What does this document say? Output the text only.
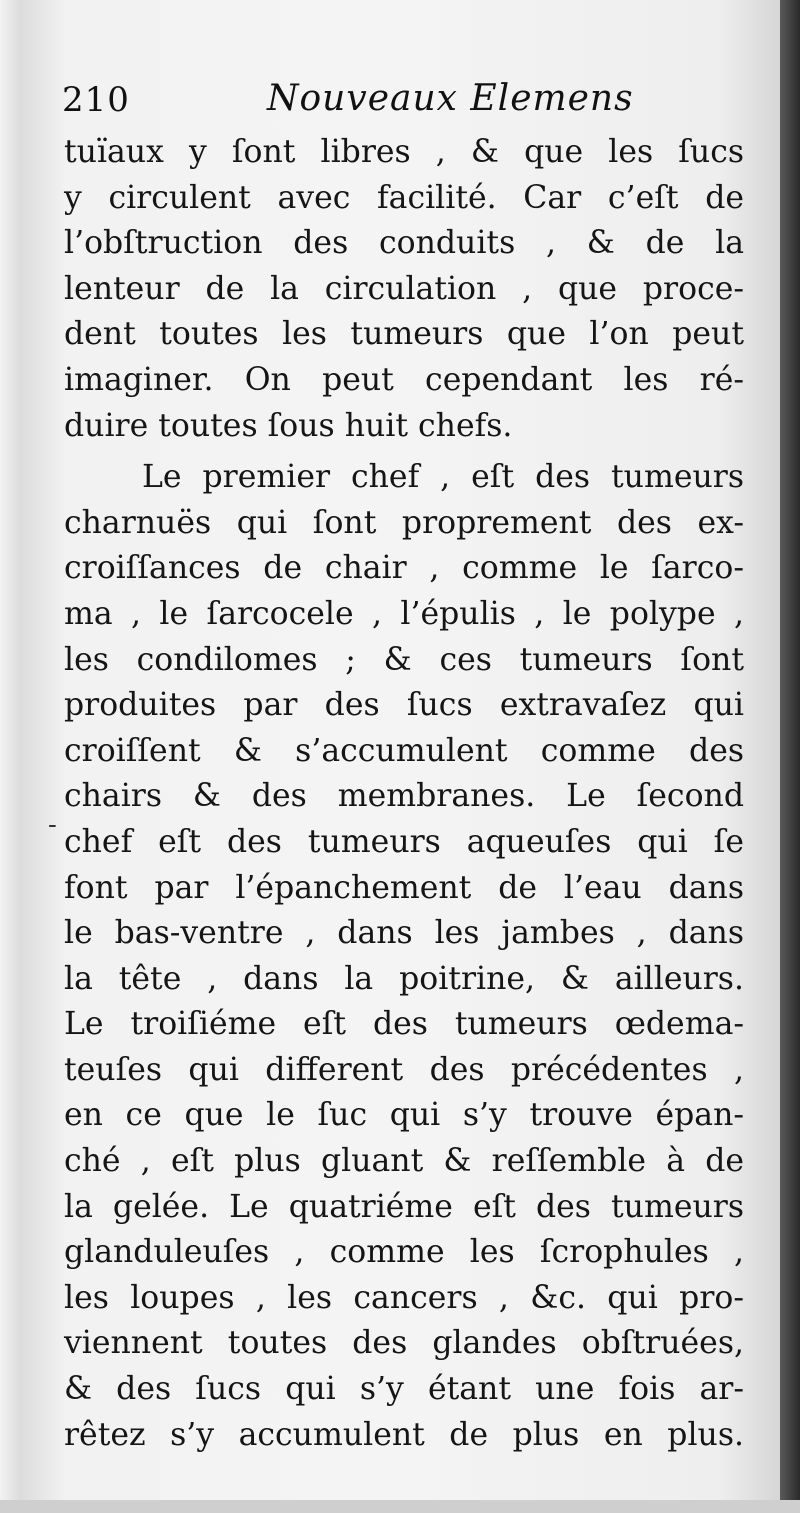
210	Nouveaux Elemens
-
tuïaux y ſont libres , & que les ſucs
y circulent avec facilité. Car c’eſt de
l’obſtruction des conduits , & de la
lenteur de la circulation , que proce-
dent toutes les tumeurs que l’on peut
imaginer. On peut cependant les ré-
duire toutes ſous huit chefs.
Le premier chef , eſt des tumeurs
charnuës qui ſont proprement des ex-
croiſſances de chair , comme le ſarco-
ma , le ſarcocele , l’épulis , le polype ,
les condilomes ; & ces tumeurs ſont
produites par des ſucs extravaſez qui
croiſſent & s’accumulent comme des
chairs & des membranes. Le ſecond
chef eſt des tumeurs aqueuſes qui ſe
font par l’épanchement de l’eau dans
le bas-ventre , dans les jambes , dans
la tête , dans la poitrine, & ailleurs.
Le troiſiéme eſt des tumeurs œdema-
teuſes qui different des précédentes ,
en ce que le ſuc qui s’y trouve épan-
ché , eſt plus gluant & reſſemble à de
la gelée. Le quatriéme eſt des tumeurs
glanduleuſes , comme les ſcrophules ,
les loupes , les cancers , &c. qui pro-
viennent toutes des glandes obſtruées,
& des ſucs qui s’y étant une fois ar-
rêtez s’y accumulent de plus en plus.
